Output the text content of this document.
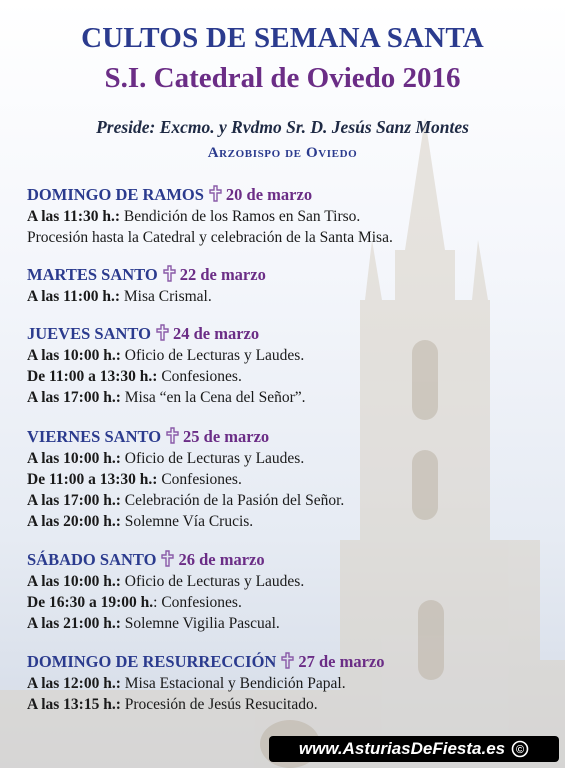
CULTOS DE SEMANA SANTA
S.I. Catedral de Oviedo 2016
Preside: Excmo. y Rvdmo Sr. D. Jesús Sanz Montes
Arzobispo de Oviedo
DOMINGO DE RAMOS 20 de marzo
A las 11:30 h.: Bendición de los Ramos en San Tirso.
Procesión hasta la Catedral y celebración de la Santa Misa.
MARTES SANTO 22 de marzo
A las 11:00 h.: Misa Crismal.
JUEVES SANTO 24 de marzo
A las 10:00 h.: Oficio de Lecturas y Laudes.
De 11:00 a 13:30 h.: Confesiones.
A las 17:00 h.: Misa “en la Cena del Señor”.
VIERNES SANTO 25 de marzo
A las 10:00 h.: Oficio de Lecturas y Laudes.
De 11:00 a 13:30 h.: Confesiones.
A las 17:00 h.: Celebración de la Pasión del Señor.
A las 20:00 h.: Solemne Vía Crucis.
SÁBADO SANTO 26 de marzo
A las 10:00 h.: Oficio de Lecturas y Laudes.
De 16:30 a 19:00 h.: Confesiones.
A las 21:00 h.: Solemne Vigilia Pascual.
DOMINGO DE RESURRECCIÓN 27 de marzo
A las 12:00 h.: Misa Estacional y Bendición Papal.
A las 13:15 h.: Procesión de Jesús Resucitado.
www.AsturiasDeFiesta.es ©
